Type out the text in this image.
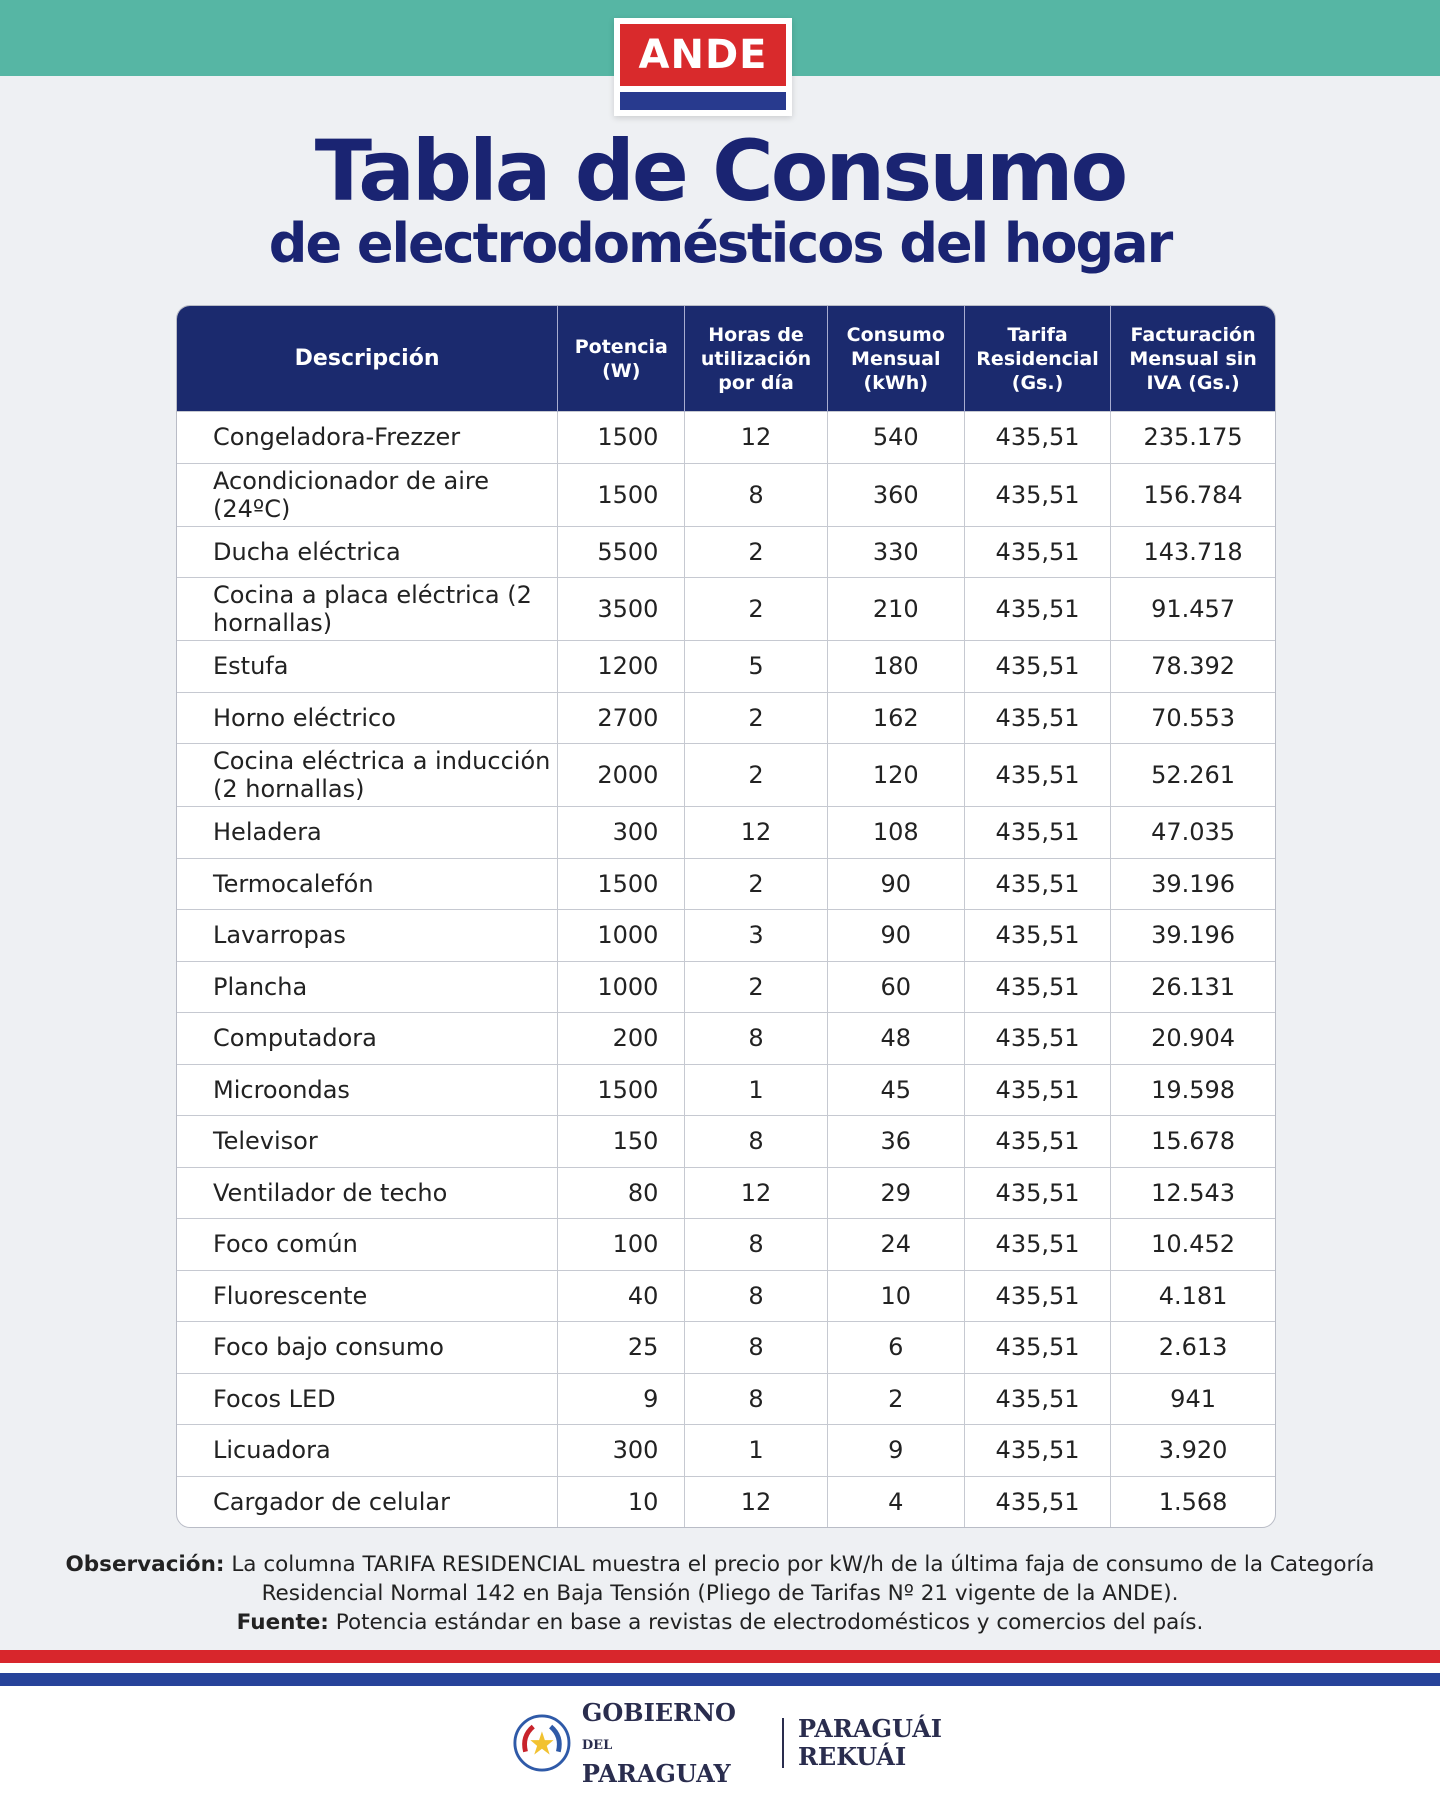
ANDE
Tabla de Consumo
de electrodomésticos del hogar
Descripción	Potencia (W)	Horas de utilización por día	Consumo Mensual (kWh)	Tarifa Residencial (Gs.)	Facturación Mensual sin IVA (Gs.)
Congeladora-Frezzer	1500	12	540	435,51	235.175
Acondicionador de aire (24ºC)	1500	8	360	435,51	156.784
Ducha eléctrica	5500	2	330	435,51	143.718
Cocina a placa eléctrica (2 hornallas)	3500	2	210	435,51	91.457
Estufa	1200	5	180	435,51	78.392
Horno eléctrico	2700	2	162	435,51	70.553
Cocina eléctrica a inducción (2 hornallas)	2000	2	120	435,51	52.261
Heladera	300	12	108	435,51	47.035
Termocalefón	1500	2	90	435,51	39.196
Lavarropas	1000	3	90	435,51	39.196
Plancha	1000	2	60	435,51	26.131
Computadora	200	8	48	435,51	20.904
Microondas	1500	1	45	435,51	19.598
Televisor	150	8	36	435,51	15.678
Ventilador de techo	80	12	29	435,51	12.543
Foco común	100	8	24	435,51	10.452
Fluorescente	40	8	10	435,51	4.181
Foco bajo consumo	25	8	6	435,51	2.613
Focos LED	9	8	2	435,51	941
Licuadora	300	1	9	435,51	3.920
Cargador de celular	10	12	4	435,51	1.568
Observación: La columna TARIFA RESIDENCIAL muestra el precio por kW/h de la última faja de consumo de la Categoría Residencial Normal 142 en Baja Tensión (Pliego de Tarifas Nº 21 vigente de la ANDE).
Fuente: Potencia estándar en base a revistas de electrodomésticos y comercios del país.
GOBIERNO DEL
PARAGUAY
PARAGUÁI
REKUÁI
